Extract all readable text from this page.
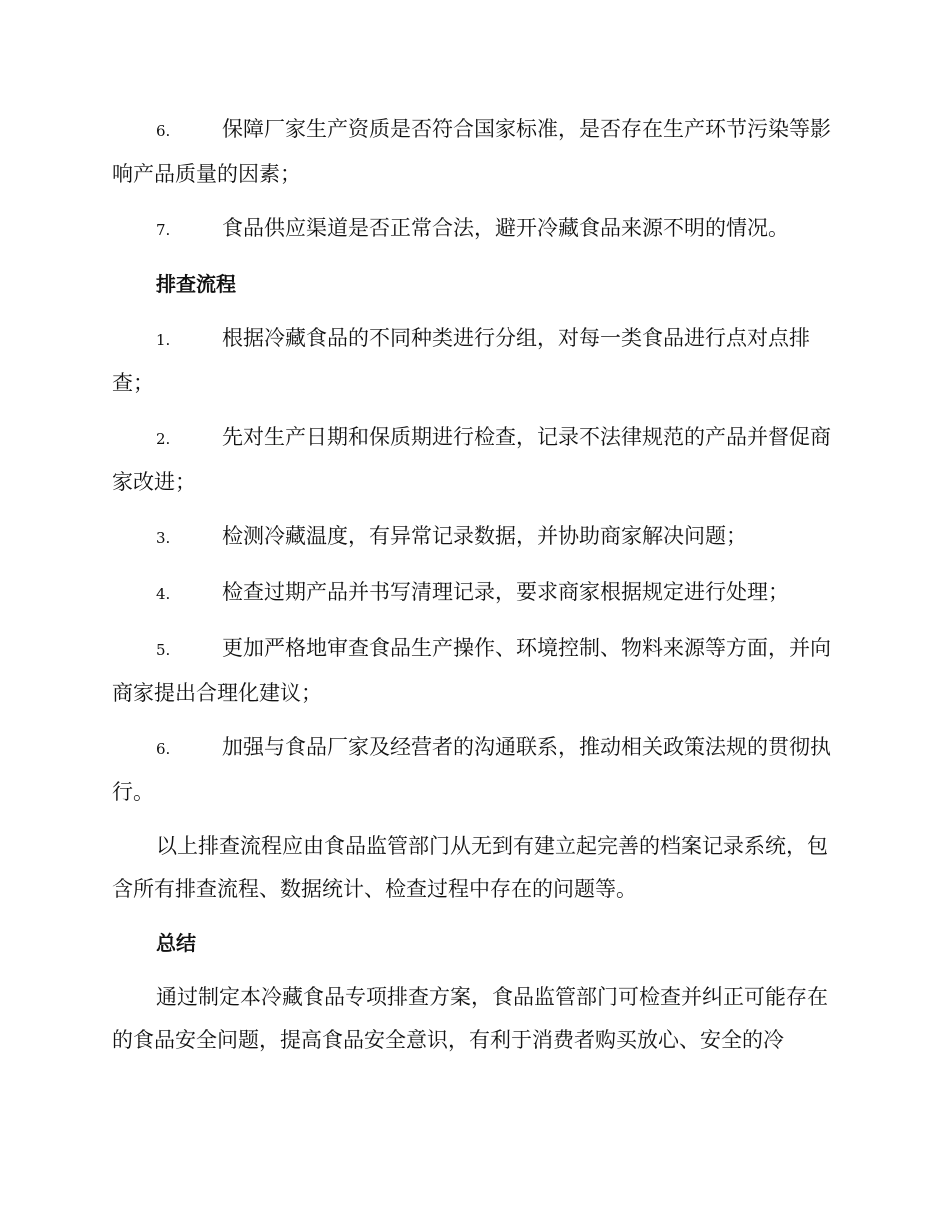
6. 保障厂家生产资质是否符合国家标准，是否存在生产环节污染等影响产品质量的因素；
7. 食品供应渠道是否正常合法，避开冷藏食品来源不明的情况。
排查流程
1. 根据冷藏食品的不同种类进行分组，对每一类食品进行点对点排查；
2. 先对生产日期和保质期进行检查，记录不法律规范的产品并督促商家改进；
3. 检测冷藏温度，有异常记录数据，并协助商家解决问题；
4. 检查过期产品并书写清理记录，要求商家根据规定进行处理；
5. 更加严格地审查食品生产操作、环境控制、物料来源等方面，并向商家提出合理化建议；
6. 加强与食品厂家及经营者的沟通联系，推动相关政策法规的贯彻执行。
以上排查流程应由食品监管部门从无到有建立起完善的档案记录系统，包含所有排查流程、数据统计、检查过程中存在的问题等。
总结
通过制定本冷藏食品专项排查方案，食品监管部门可检查并纠正可能存在的食品安全问题，提高食品安全意识，有利于消费者购买放心、安全的冷
